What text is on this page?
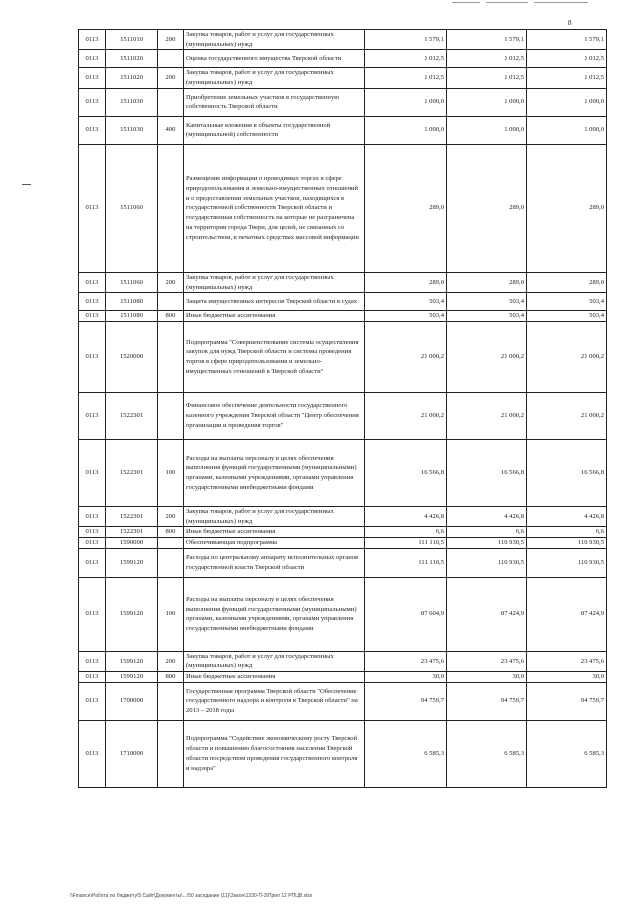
8
0113	1511010	200	Закупка товаров, работ и услуг для государственных (муниципальных) нужд	1 579,1	1 579,1	1 579,1
0113	1511020		Оценка государственного имущества Тверской области	1 012,5	1 012,5	1 012,5
0113	1511020	200	Закупка товаров, работ и услуг для государственных (муниципальных) нужд	1 012,5	1 012,5	1 012,5
0113	1511030		Приобретение земельных участков в государственную собственность Тверской области	1 000,0	1 000,0	1 000,0
0113	1511030	400	Капитальные вложения в объекты государственной (муниципальной) собственности	1 000,0	1 000,0	1 000,0
0113	1511060		Размещение информации о проводимых торгах в сфере природопользования и земельно-имущественных отношений и о предоставлении земельных участков, находящихся в государственной собственности Тверской области и государственная собственность на которые не разграничена на территории города Твери, для целей, не связанных со строительством, в печатных средствах массовой информации	289,0	289,0	289,0
0113	1511060	200	Закупка товаров, работ и услуг для государственных (муниципальных) нужд	289,0	289,0	289,0
0113	1511080		Защита имущественных интересов Тверской области в судах	503,4	503,4	503,4
0113	1511080	800	Иные бюджетные ассигнования	503,4	503,4	503,4
0113	1520000		Подпрограмма "Совершенствование системы осуществления закупок для нужд Тверской области и системы проведения торгов в сфере природопользования и земельно-имущественных отношений в Тверской области"	21 000,2	21 000,2	21 000,2
0113	1522301		Финансовое обеспечение деятельности государственного казенного учреждения Тверской области "Центр обеспечения организации и проведения торгов"	21 000,2	21 000,2	21 000,2
0113	1522301	100	Расходы на выплаты персоналу в целях обеспечения выполнения функций государственными (муниципальными) органами, казенными учреждениями, органами управления государственными внебюджетными фондами	16 566,8	16 566,8	16 566,8
0113	1522301	200	Закупка товаров, работ и услуг для государственных (муниципальных) нужд	4 426,8	4 426,8	4 426,8
0113	1522301	800	Иные бюджетные ассигнования	6,6	6,6	6,6
0113	1590000		Обеспечивающая подпрограмма	111 110,5	110 930,5	110 930,5
0113	1599120		Расходы по центральному аппарату исполнительных органов государственной власти Тверской области	111 110,5	110 930,5	110 930,5
0113	1599120	100	Расходы на выплаты персоналу в целях обеспечения выполнения функций государственными (муниципальными) органами, казенными учреждениями, органами управления государственными внебюджетными фондами	87 604,9	87 424,9	87 424,9
0113	1599120	200	Закупка товаров, работ и услуг для государственных (муниципальных) нужд	23 475,6	23 475,6	23 475,6
0113	1599120	800	Иные бюджетные ассигнования	30,0	30,0	30,0
0113	1700000		Государственная программа Тверской области "Обеспечение государственного надзора и контроля в Тверской области" на 2013 – 2018 годы	94 759,7	94 759,7	94 759,7
0113	1710000		Подпрограмма "Содействие экономическому росту Тверской области и повышению благосостояния населения Тверской области посредством проведения государственного контроля и надзора"	6 585,3	6 585,3	6 585,3
\\Finance\Работа по бюджету\5 Сайт\Документы\...\50 заседание (11)\Закон\1330-П-3\Прил 12 РПЦВ.xlsx
